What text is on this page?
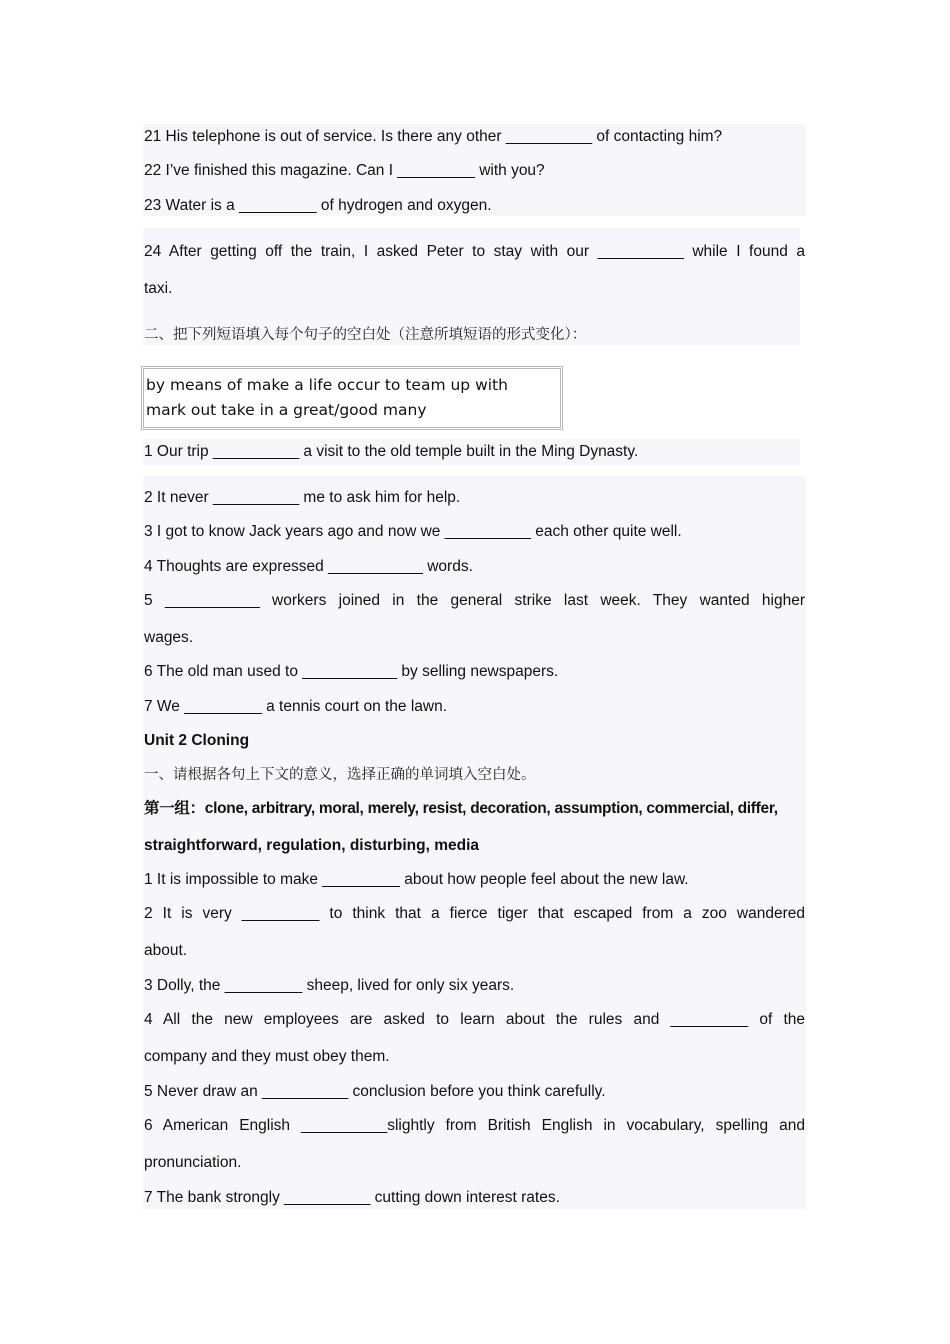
21 His telephone is out of service. Is there any other __________ of contacting him?
22 I’ve finished this magazine. Can I _________ with you?
23 Water is a _________ of hydrogen and oxygen.
24 After getting off the train, I asked Peter to stay with our __________ while I found a
taxi.
二、把下列短语填入每个句子的空白处（注意所填短语的形式变化）：
by means of make a life occur to team up with
mark out take in a great/good many
1 Our trip __________ a visit to the old temple built in the Ming Dynasty.
2 It never __________ me to ask him for help.
3 I got to know Jack years ago and now we __________ each other quite well.
4 Thoughts are expressed ___________ words.
5 ___________ workers joined in the general strike last week. They wanted higher
wages.
6 The old man used to ___________ by selling newspapers.
7 We _________ a tennis court on the lawn.
Unit 2 Cloning
一、请根据各句上下文的意义，选择正确的单词填入空白处。
第一组：clone, arbitrary, moral, merely, resist, decoration, assumption, commercial, differ,
straightforward, regulation, disturbing, media
1 It is impossible to make _________ about how people feel about the new law.
2 It is very _________ to think that a fierce tiger that escaped from a zoo wandered
about.
3 Dolly, the _________ sheep, lived for only six years.
4 All the new employees are asked to learn about the rules and _________ of the
company and they must obey them.
5 Never draw an __________ conclusion before you think carefully.
6 American English __________slightly from British English in vocabulary, spelling and
pronunciation.
7 The bank strongly __________ cutting down interest rates.
